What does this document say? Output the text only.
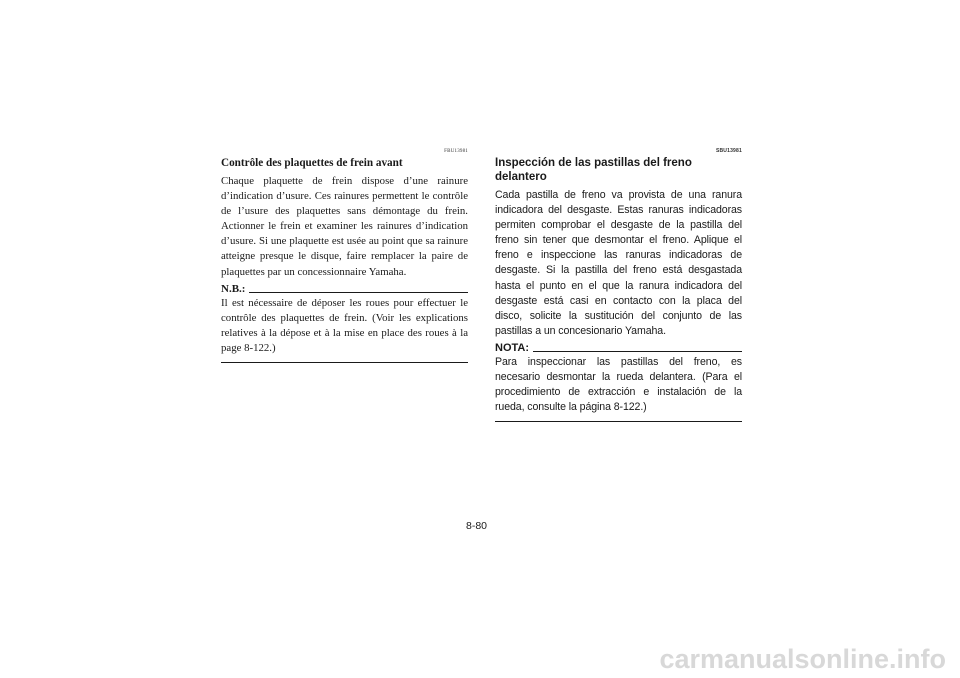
FBU13981
Contrôle des plaquettes de frein avant

Chaque plaquette de frein dispose d’une rainure d’indication d’usure. Ces rainures permettent le contrôle de l’usure des plaquettes sans démontage du frein. Actionner le frein et examiner les rainures d’indication d’usure. Si une plaquette est usée au point que sa rainure atteigne presque le disque, faire remplacer la paire de plaquettes par un concessionnaire Yamaha.

N.B.:

Il est nécessaire de déposer les roues pour effectuer le contrôle des plaquettes de frein. (Voir les explications relatives à la dépose et à la mise en place des roues à la page 8-122.)

SBU13981
Inspección de las pastillas del freno delantero

Cada pastilla de freno va provista de una ranura indicadora del desgaste. Estas ranuras indicadoras permiten comprobar el desgaste de la pastilla del freno sin tener que desmontar el freno. Aplique el freno e inspeccione las ranuras indicadoras de desgaste. Si la pastilla del freno está desgastada hasta el punto en el que la ranura indicadora del desgaste está casi en contacto con la placa del disco, solicite la sustitución del conjunto de las pastillas a un concesionario Yamaha.

NOTA:

Para inspeccionar las pastillas del freno, es necesario desmontar la rueda delantera. (Para el procedimiento de extracción e instalación de la rueda, consulte la página 8-122.)

8-80
carmanualsonline.info
